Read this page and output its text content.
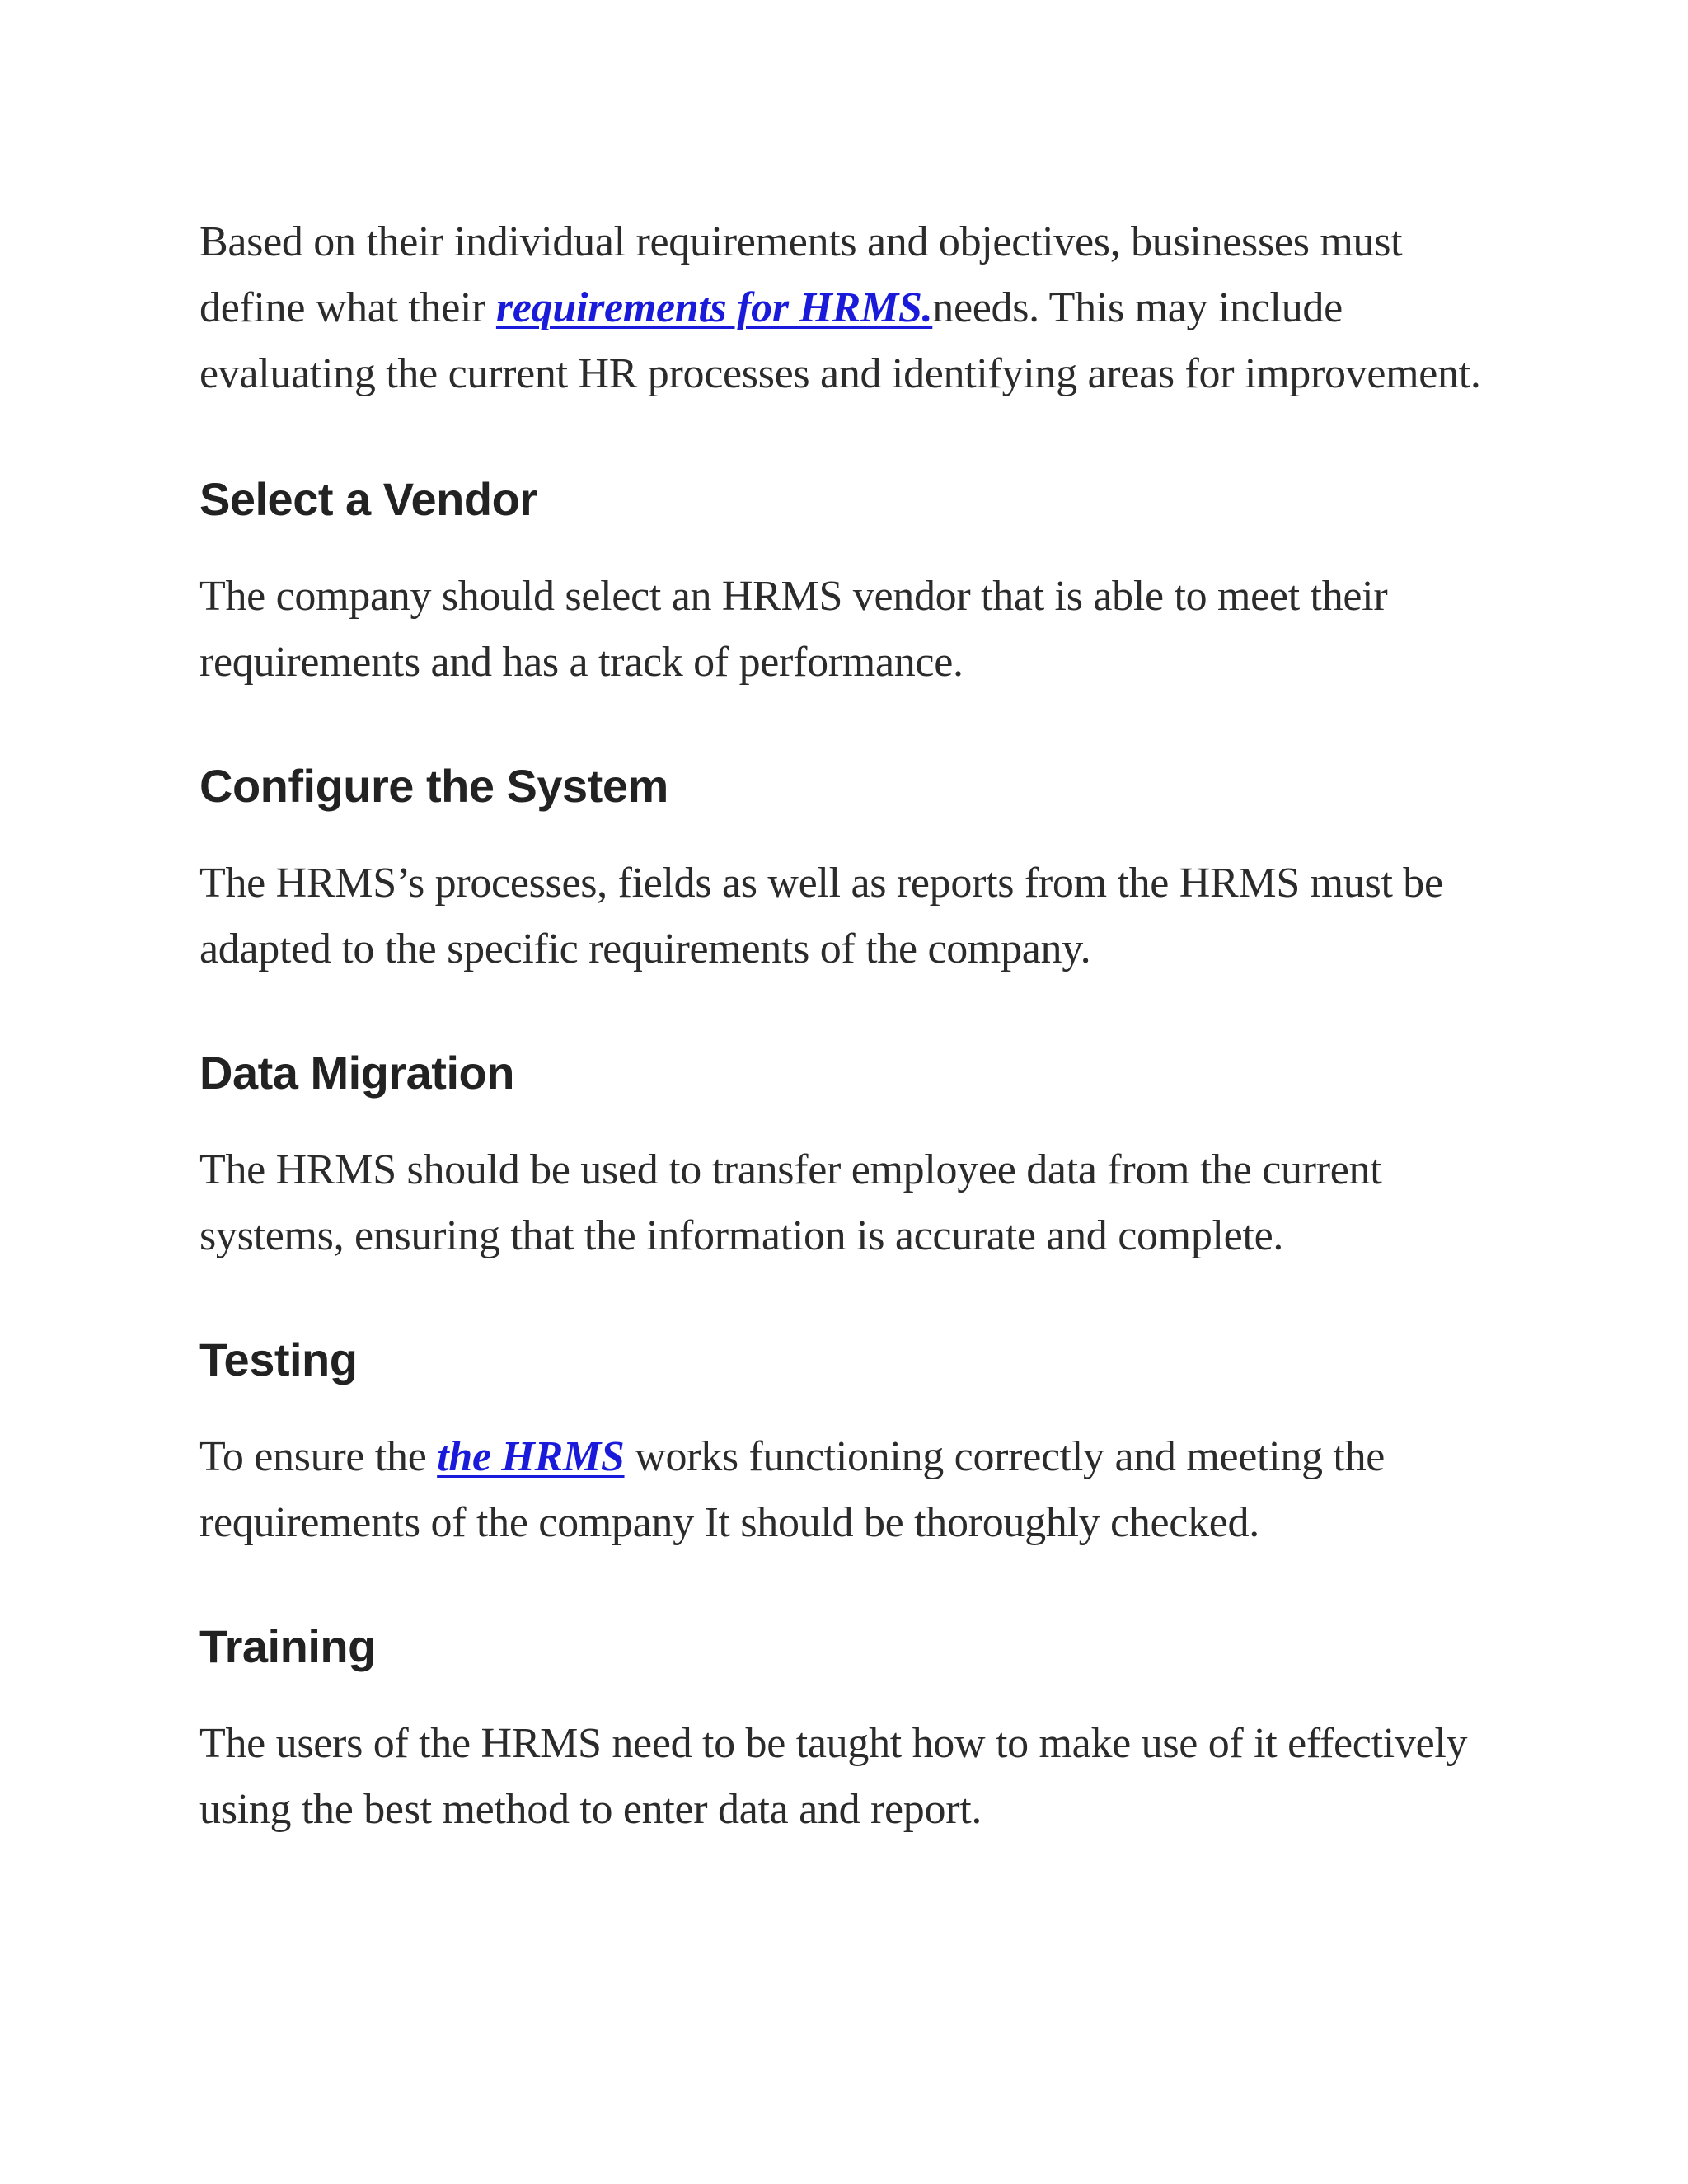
Based on their individual requirements and objectives, businesses must define what their requirements for HRMS.needs. This may include evaluating the current HR processes and identifying areas for improvement.

Select a Vendor

The company should select an HRMS vendor that is able to meet their requirements and has a track of performance.

Configure the System

The HRMS’s processes, fields as well as reports from the HRMS must be adapted to the specific requirements of the company.

Data Migration

The HRMS should be used to transfer employee data from the current systems, ensuring that the information is accurate and complete.

Testing

To ensure the the HRMS works functioning correctly and meeting the requirements of the company It should be thoroughly checked.

Training

The users of the HRMS need to be taught how to make use of it effectively using the best method to enter data and report.
